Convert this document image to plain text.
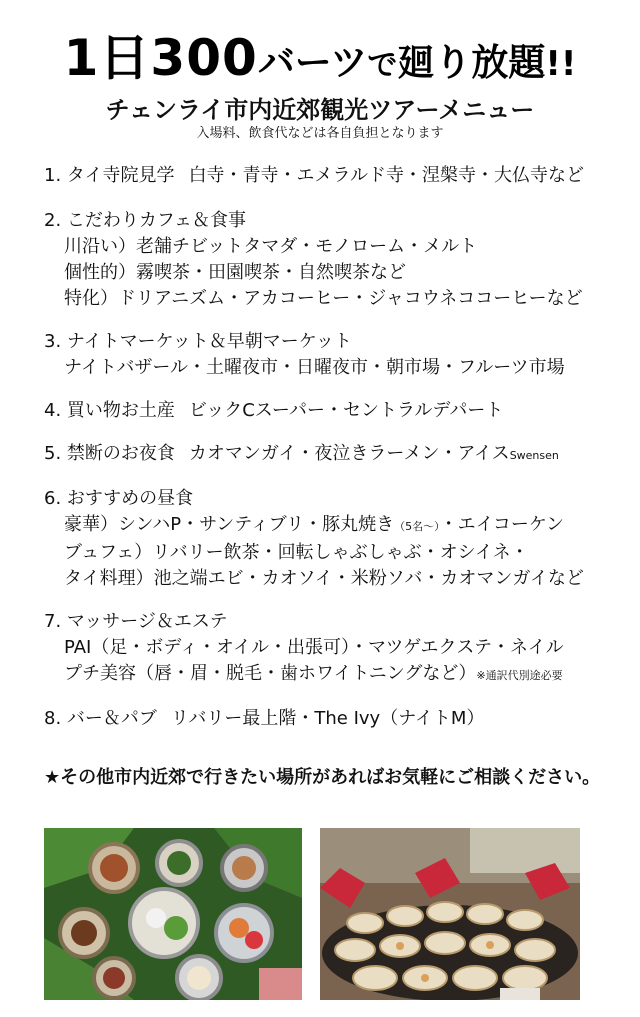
1日300バーツで廻り放題!!
チェンライ市内近郊観光ツアーメニュー
入場料、飲食代などは各自負担となります
1. タイ寺院見学 白寺・青寺・エメラルド寺・涅槃寺・大仏寺など
2. こだわりカフェ＆食事
川沿い）老舗チビットタマダ・モノローム・メルト
個性的）霧喫茶・田園喫茶・自然喫茶など
特化）ドリアニズム・アカコーヒー・ジャコウネココーヒーなど
3. ナイトマーケット＆早朝マーケット
ナイトバザール・土曜夜市・日曜夜市・朝市場・フルーツ市場
4. 買い物お土産 ビックCスーパー・セントラルデパート
5. 禁断のお夜食 カオマンガイ・夜泣きラーメン・アイスSwensen
6. おすすめの昼食
豪華）シンハP・サンティブリ・豚丸焼き（5名～）・エイコーケン
ブュフェ）リバリー飲茶・回転しゃぶしゃぶ・オシイネ・
タイ料理）池之端エビ・カオソイ・米粉ソバ・カオマンガイなど
7. マッサージ＆エステ
PAI（足・ボディ・オイル・出張可）・マツゲエクステ・ネイル
プチ美容（唇・眉・脱毛・歯ホワイトニングなど）※通訳代別途必要
8. バー＆パブ リバリー最上階・The Ivy（ナイトM）
★その他市内近郊で行きたい場所があればお気軽にご相談ください。
